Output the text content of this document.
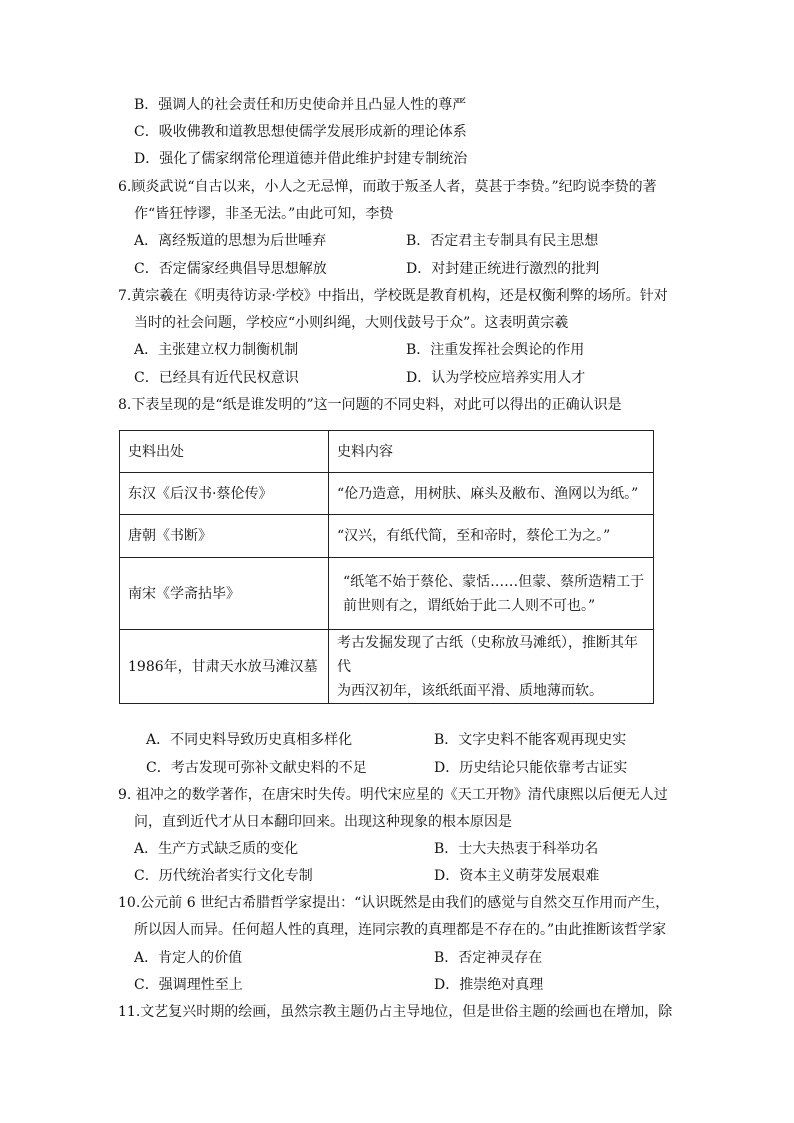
B．强调人的社会责任和历史使命并且凸显人性的尊严
C．吸收佛教和道教思想使儒学发展形成新的理论体系
D．强化了儒家纲常伦理道德并借此维护封建专制统治
6.顾炎武说“自古以来，小人之无忌惮，而敢于叛圣人者，莫甚于李贽。”纪昀说李贽的著
作“皆狂悖谬，非圣无法。”由此可知，李贽
A．离经叛道的思想为后世唾弃	B．否定君主专制具有民主思想
C．否定儒家经典倡导思想解放	D．对封建正统进行激烈的批判
7.黄宗羲在《明夷待访录·学校》中指出，学校既是教育机构，还是权衡利弊的场所。针对
当时的社会问题，学校应“小则纠绳，大则伐鼓号于众”。这表明黄宗羲
A．主张建立权力制衡机制	B．注重发挥社会舆论的作用
C．已经具有近代民权意识	D．认为学校应培养实用人才
8.下表呈现的是“纸是谁发明的”这一问题的不同史料，对此可以得出的正确认识是
史料出处	史料内容
东汉《后汉书·蔡伦传》	“伦乃造意，用树肤、麻头及敝布、渔网以为纸。”
唐朝《书断》	“汉兴，有纸代简，至和帝时，蔡伦工为之。”
南宋《学斋拈毕》	“纸笔不始于蔡伦、蒙恬……但蒙、蔡所造精工于
前世则有之，谓纸始于此二人则不可也。”

1986年，甘肃天水放马滩汉墓	考古发掘发现了古纸（史称放马滩纸），推断其年代
为西汉初年，该纸纸面平滑、质地薄而软。
A．不同史料导致历史真相多样化	B．文字史料不能客观再现史实
C．考古发现可弥补文献史料的不足	D．历史结论只能依靠考古证实
9. 祖冲之的数学著作，在唐宋时失传。明代宋应星的《天工开物》清代康熙以后便无人过
问，直到近代才从日本翻印回来。出现这种现象的根本原因是
A．生产方式缺乏质的变化	B．士大夫热衷于科举功名
C．历代统治者实行文化专制	D．资本主义萌芽发展艰难
10.公元前 6 世纪古希腊哲学家提出：“认识既然是由我们的感觉与自然交互作用而产生，
所以因人而异。任何超人性的真理，连同宗教的真理都是不存在的。”由此推断该哲学家
A．肯定人的价值	B．否定神灵存在
C．强调理性至上	D．推崇绝对真理
11.文艺复兴时期的绘画，虽然宗教主题仍占主导地位，但是世俗主题的绘画也在增加，除
